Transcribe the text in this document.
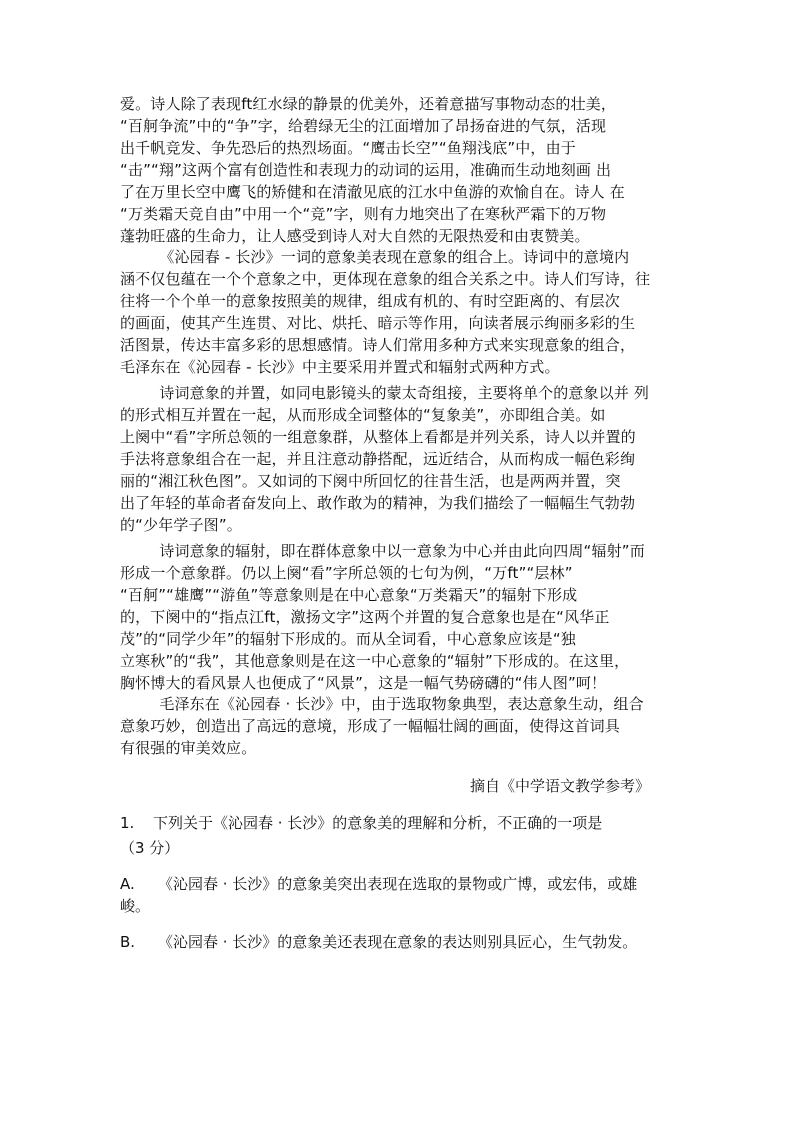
爱。诗人除了表现ft红水绿的静景的优美外，还着意描写事物动态的壮美，
“百舸争流”中的“争”字，给碧绿无尘的江面增加了昂扬奋进的气氛，活现
出千帆竞发、争先恐后的热烈场面。“鹰击长空”“鱼翔浅底”中，由于
“击”“翔”这两个富有创造性和表现力的动词的运用，准确而生动地刻画 出
了在万里长空中鹰飞的矫健和在清澈见底的江水中鱼游的欢愉自在。诗人 在
“万类霜天竞自由”中用一个“竞”字，则有力地突出了在寒秋严霜下的万物
蓬勃旺盛的生命力，让人感受到诗人对大自然的无限热爱和由衷赞美。
《沁园春 - 长沙》一词的意象美表现在意象的组合上。诗词中的意境内
涵不仅包蕴在一个个意象之中，更体现在意象的组合关系之中。诗人们写诗，往
往将一个个单一的意象按照美的规律，组成有机的、有时空距离的、有层次
的画面，使其产生连贯、对比、烘托、暗示等作用，向读者展示绚丽多彩的生
活图景，传达丰富多彩的思想感情。诗人们常用多种方式来实现意象的组合，
毛泽东在《沁园春 - 长沙》中主要采用并置式和辐射式两种方式。
诗词意象的并置，如同电影镜头的蒙太奇组接，主要将单个的意象以并 列
的形式相互并置在一起，从而形成全词整体的“复象美”，亦即组合美。如
上阕中“看”字所总领的一组意象群，从整体上看都是并列关系，诗人以并置的
手法将意象组合在一起，并且注意动静搭配，远近结合，从而构成一幅色彩绚
丽的“湘江秋色图”。又如词的下阕中所回忆的往昔生活，也是两两并置，突
出了年轻的革命者奋发向上、敢作敢为的精神，为我们描绘了一幅幅生气勃勃
的“少年学子图”。
诗词意象的辐射，即在群体意象中以一意象为中心并由此向四周“辐射”而
形成一个意象群。仍以上阕“看”字所总领的七句为例，“万ft”“层林”
“百舸”“雄鹰”“游鱼”等意象则是在中心意象“万类霜天”的辐射下形成
的，下阕中的“指点江ft，激扬文字”这两个并置的复合意象也是在“风华正
茂”的“同学少年”的辐射下形成的。而从全词看，中心意象应该是“独
立寒秋”的“我”，其他意象则是在这一中心意象的“辐射”下形成的。在这里，
胸怀博大的看风景人也便成了“风景”，这是一幅气势磅礴的“伟人图”呵！
毛泽东在《沁园春 · 长沙》中，由于选取物象典型，表达意象生动，组合
意象巧妙，创造出了高远的意境，形成了一幅幅壮阔的画面，使得这首词具
有很强的审美效应。
摘自《中学语文教学参考》
1. 下列关于《沁园春 · 长沙》的意象美的理解和分析，不正确的一项是
（3 分）
A. 《沁园春 · 长沙》的意象美突出表现在选取的景物或广博，或宏伟，或雄
峻。
B. 《沁园春 · 长沙》的意象美还表现在意象的表达则别具匠心，生气勃发。
